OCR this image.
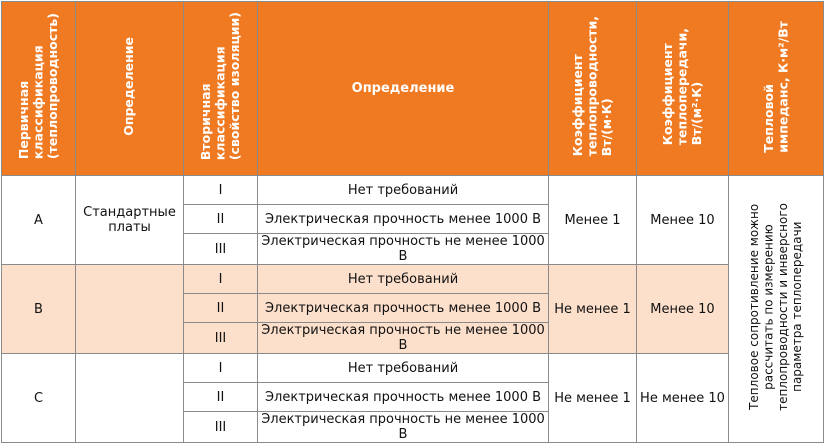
Первичная классификация (теплопроводность)	Определение	Вторичная классификация (свойство изоляции)	Определение	Коэффициент теплопроводности, Вт/(м·К)	Коэффициент теплопередачи, Вт/(м²·К)	Тепловой импеданс, К·м²/Вт

A	Стандартные платы	I	Нет требований	Менее 1	Менее 10	Тепловое сопротивление можно рассчитать по измерению теплопроводности и инверсного параметра теплопередачи

		II	Электрическая прочность менее 1000 В			
		III	Электрическая прочность не менее 1000 В			
B		I	Нет требований	Не менее 1	Менее 10	
		II	Электрическая прочность менее 1000 В			
		III	Электрическая прочность не менее 1000 В			
C		I	Нет требований	Не менее 1	Не менее 10	
		II	Электрическая прочность менее 1000 В			
		III	Электрическая прочность не менее 1000 В			
